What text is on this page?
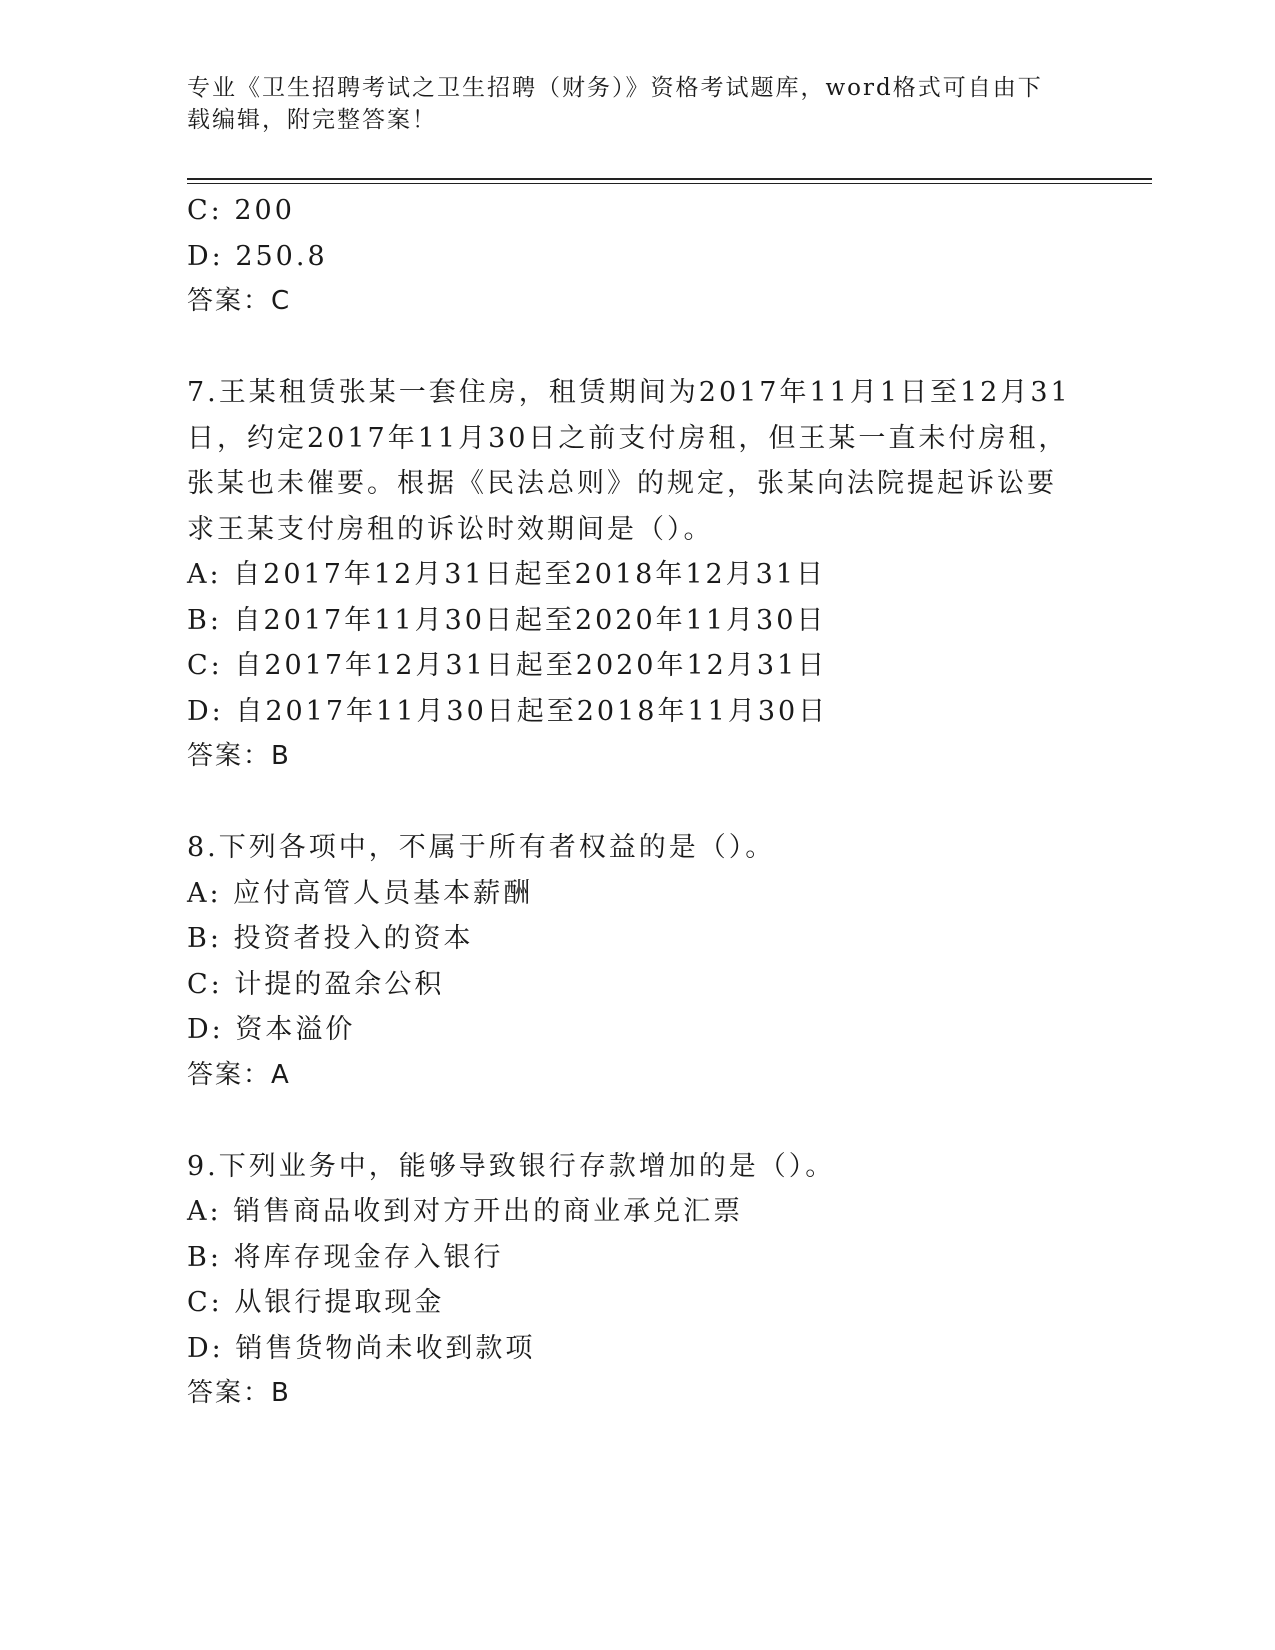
专业《卫生招聘考试之卫生招聘（财务）》资格考试题库，word格式可自由下载编辑，附完整答案！
C: 200
D: 250.8
答案：C
7.王某租赁张某一套住房，租赁期间为2017年11月1日至12月31日，约定2017年11月30日之前支付房租，但王某一直未付房租，张某也未催要。根据《民法总则》的规定，张某向法院提起诉讼要求王某支付房租的诉讼时效期间是（）。
A: 自2017年12月31日起至2018年12月31日
B: 自2017年11月30日起至2020年11月30日
C: 自2017年12月31日起至2020年12月31日
D: 自2017年11月30日起至2018年11月30日
答案：B
8.下列各项中，不属于所有者权益的是（）。
A: 应付高管人员基本薪酬
B: 投资者投入的资本
C: 计提的盈余公积
D: 资本溢价
答案：A
9.下列业务中，能够导致银行存款增加的是（）。
A: 销售商品收到对方开出的商业承兑汇票
B: 将库存现金存入银行
C: 从银行提取现金
D: 销售货物尚未收到款项
答案：B
